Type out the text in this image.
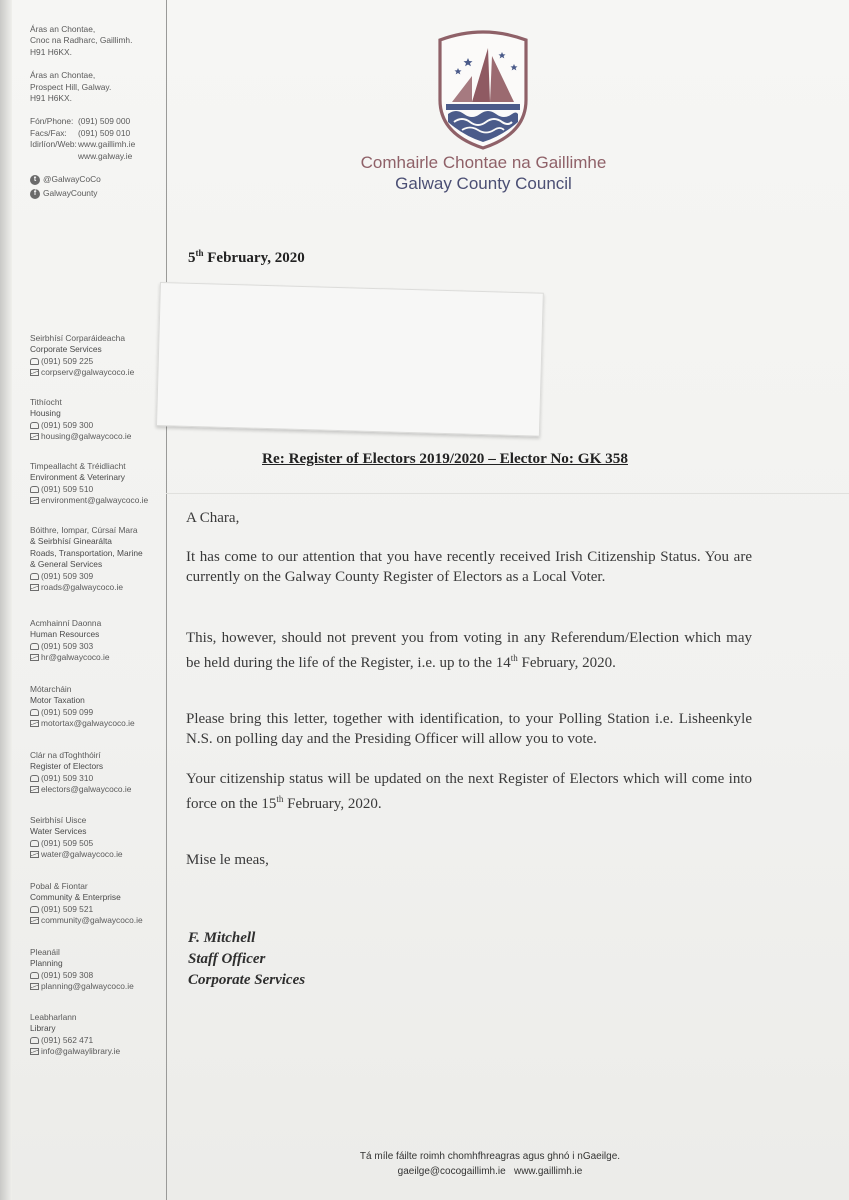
Áras an Chontae,
Cnoc na Radharc, Gaillimh.
H91 H6KX.
Áras an Chontae,
Prospect Hill, Galway.
H91 H6KX.
Fón/Phone: (091) 509 000
Facs/Fax:	(091) 509 010
Idirlíon/Web: www.gaillimh.ie
www.galway.ie
t @GalwayCoCo
f GalwayCounty
Seirbhísí Corparáideacha
Corporate Services
(091) 509 225
corpserv@galwaycoco.ie
Tithíocht
Housing
(091) 509 300
housing@galwaycoco.ie
Timpeallacht & Tréidliacht
Environment & Veterinary
(091) 509 510
environment@galwaycoco.ie
Bóithre, Iompar, Cúrsaí Mara
& Seirbhísí Ginearálta
Roads, Transportation, Marine
& General Services
(091) 509 309
roads@galwaycoco.ie
Acmhainní Daonna
Human Resources
(091) 509 303
hr@galwaycoco.ie
Mótarcháin
Motor Taxation
(091) 509 099
motortax@galwaycoco.ie
Clár na dToghthóirí
Register of Electors
(091) 509 310
electors@galwaycoco.ie
Seirbhísí Uisce
Water Services
(091) 509 505
water@galwaycoco.ie
Pobal & Fiontar
Community & Enterprise
(091) 509 521
community@galwaycoco.ie
Pleanáil
Planning
(091) 509 308
planning@galwaycoco.ie
Leabharlann
Library
(091) 562 471
info@galwaylibrary.ie
Comhairle Chontae na Gaillimhe
Galway County Council
5th February, 2020
Re: Register of Electors 2019/2020 – Elector No: GK 358
A Chara,
It has come to our attention that you have recently received Irish Citizenship Status. You are currently on the Galway County Register of Electors as a Local Voter.
This, however, should not prevent you from voting in any Referendum/Election which may be held during the life of the Register, i.e. up to the 14th February, 2020.
Please bring this letter, together with identification, to your Polling Station i.e. Lisheenkyle N.S. on polling day and the Presiding Officer will allow you to vote.
Your citizenship status will be updated on the next Register of Electors which will come into force on the 15th February, 2020.
Mise le meas,
F. Mitchell
Staff Officer
Corporate Services
Tá míle fáilte roimh chomhfhreagras agus ghnó i nGaeilge.
gaeilge@cocogaillimh.ie   www.gaillimh.ie
